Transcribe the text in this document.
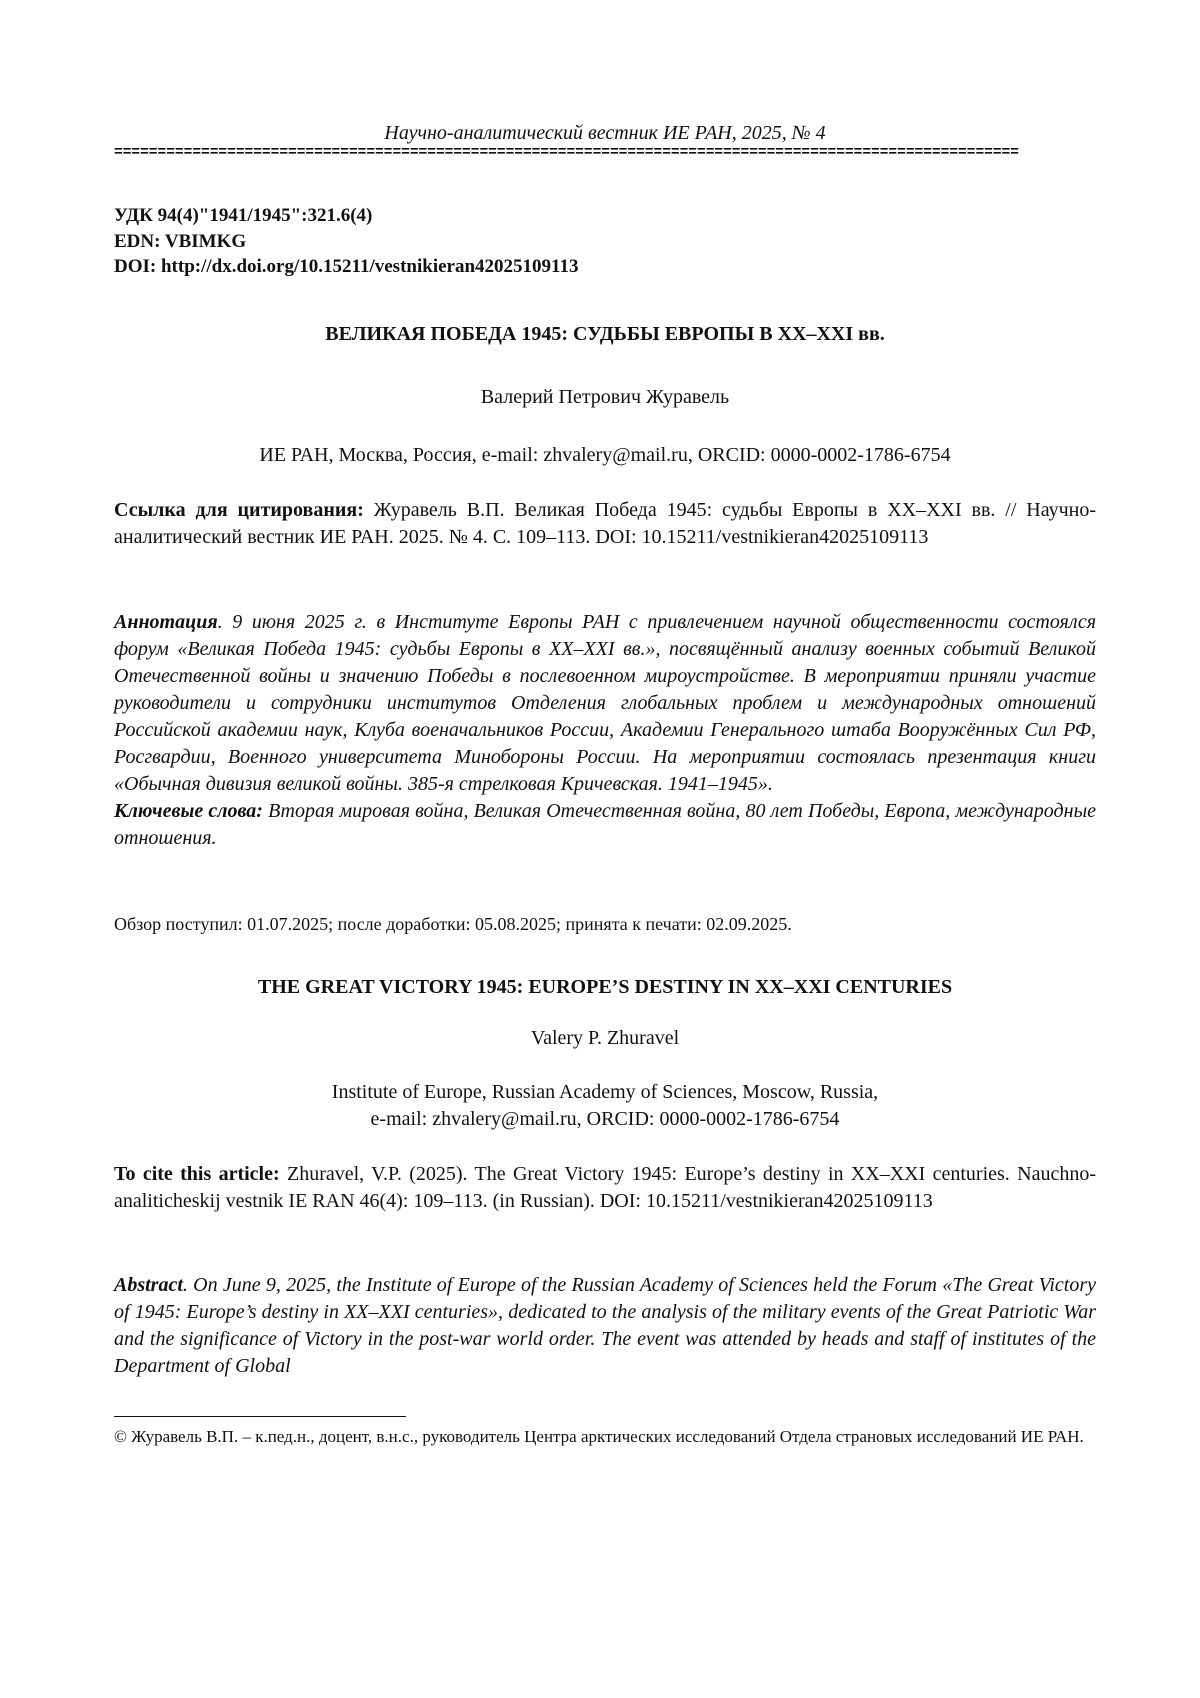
Научно-аналитический вестник ИЕ РАН, 2025, № 4
========================================================================================================
УДК 94(4)"1941/1945":321.6(4)
EDN: VBIMKG
DOI: http://dx.doi.org/10.15211/vestnikieran42025109113
ВЕЛИКАЯ ПОБЕДА 1945: СУДЬБЫ ЕВРОПЫ В XX–XXI вв.
Валерий Петрович Журавель
ИЕ РАН, Москва, Россия, e-mail: zhvalery@mail.ru, ORCID: 0000-0002-1786-6754
Ссылка для цитирования: Журавель В.П. Великая Победа 1945: судьбы Европы в XX–XXI вв. // Научно-аналитический вестник ИЕ РАН. 2025. № 4. С. 109–113. DOI: 10.15211/vestnikieran42025109113
Аннотация. 9 июня 2025 г. в Институте Европы РАН с привлечением научной общественности состоялся форум «Великая Победа 1945: судьбы Европы в XX–XXI вв.», посвящённый анализу военных событий Великой Отечественной войны и значению Победы в послевоенном мироустройстве. В мероприятии приняли участие руководители и сотрудники институтов Отделения глобальных проблем и международных отношений Российской академии наук, Клуба военачальников России, Академии Генерального штаба Вооружённых Сил РФ, Росгвардии, Военного университета Минобороны России. На мероприятии состоялась презентация книги «Обычная дивизия великой войны. 385-я стрелковая Кричевская. 1941–1945».
Ключевые слова: Вторая мировая война, Великая Отечественная война, 80 лет Победы, Европа, международные отношения.
Обзор поступил: 01.07.2025; после доработки: 05.08.2025; принята к печати: 02.09.2025.
THE GREAT VICTORY 1945: EUROPE’S DESTINY IN XX–XXI CENTURIES
Valery P. Zhuravel
Institute of Europe, Russian Academy of Sciences, Moscow, Russia,
e-mail: zhvalery@mail.ru, ORCID: 0000-0002-1786-6754
To cite this article: Zhuravel, V.P. (2025). The Great Victory 1945: Europe’s destiny in XX–XXI centuries. Nauchno-analiticheskij vestnik IE RAN 46(4): 109–113. (in Russian). DOI: 10.15211/vestnikieran42025109113
Abstract. On June 9, 2025, the Institute of Europe of the Russian Academy of Sciences held the Forum «The Great Victory of 1945: Europe’s destiny in XX–XXI centuries», dedicated to the analysis of the military events of the Great Patriotic War and the significance of Victory in the post-war world order. The event was attended by heads and staff of institutes of the Department of Global
© Журавель В.П. – к.пед.н., доцент, в.н.с., руководитель Центра арктических исследований Отдела страновых исследований ИЕ РАН.
